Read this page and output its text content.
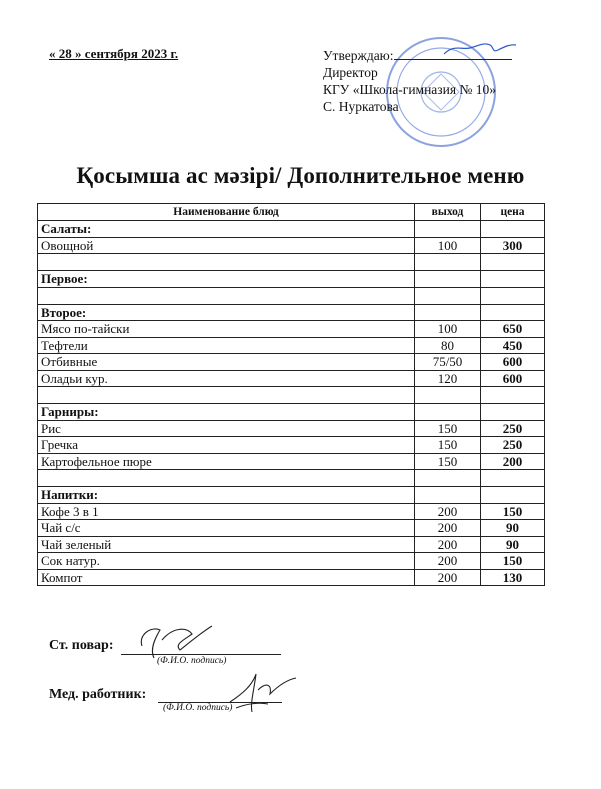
« 28 » сентября 2023 г.	Утверждаю:
Директор
КГУ «Школа-гимназия № 10»
С. Нуркатова
Қосымша ас мәзірі/ Дополнительное меню
Наименование блюд	выход	цена
Салаты:		
Овощной	100	300

Первое:		

Второе:		
Мясо по-тайски	100	650
Тефтели	80	450
Отбивные	75/50	600
Оладьи кур.	120	600

Гарниры:		
Рис	150	250
Гречка	150	250
Картофельное пюре	150	200

Напитки:		
Кофе 3 в 1	200	150
Чай с/с	200	90
Чай зеленый	200	90
Сок натур.	200	150
Компот	200	130
Ст. повар:
(Ф.И.О. подпись)
Мед. работник:
(Ф.И.О. подпись)
